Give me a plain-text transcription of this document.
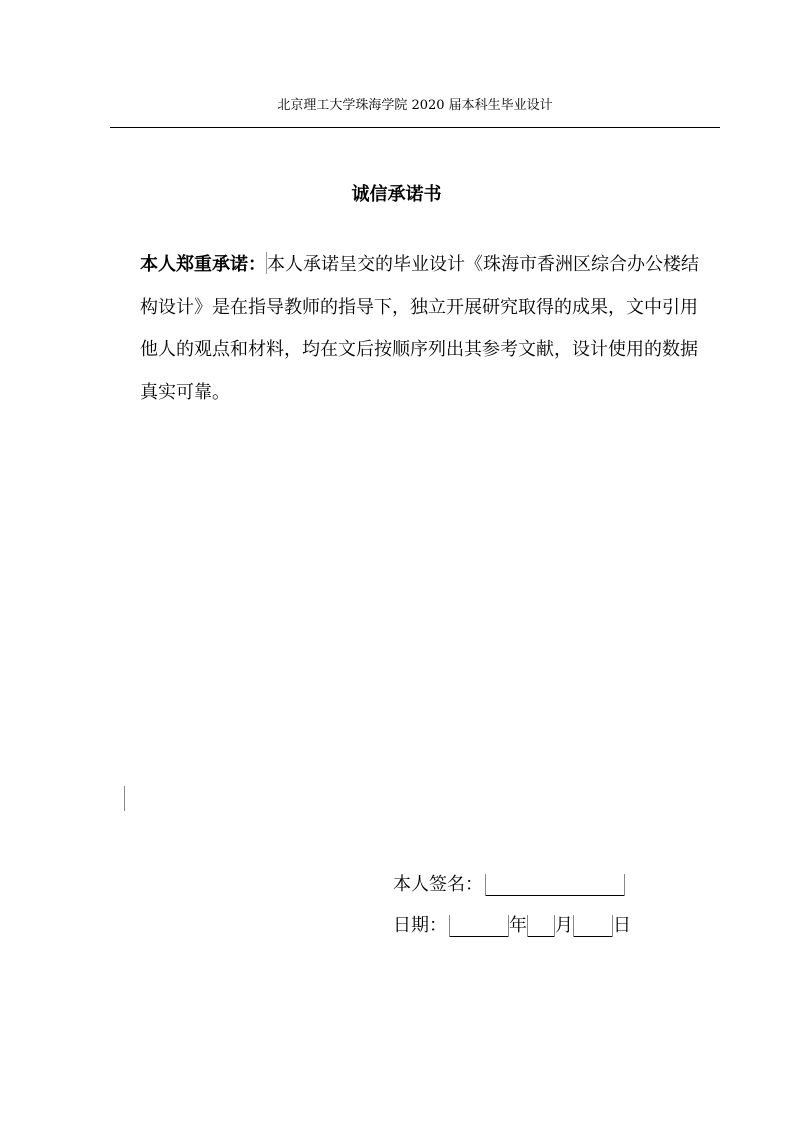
北京理工大学珠海学院 2020 届本科生毕业设计
诚信承诺书
本人郑重承诺：本人承诺呈交的毕业设计《珠海市香洲区综合办公楼结构设计》是在指导教师的指导下，独立开展研究取得的成果，文中引用他人的观点和材料，均在文后按顺序列出其参考文献，设计使用的数据真实可靠。
本人签名：
日期：	年 月 日
